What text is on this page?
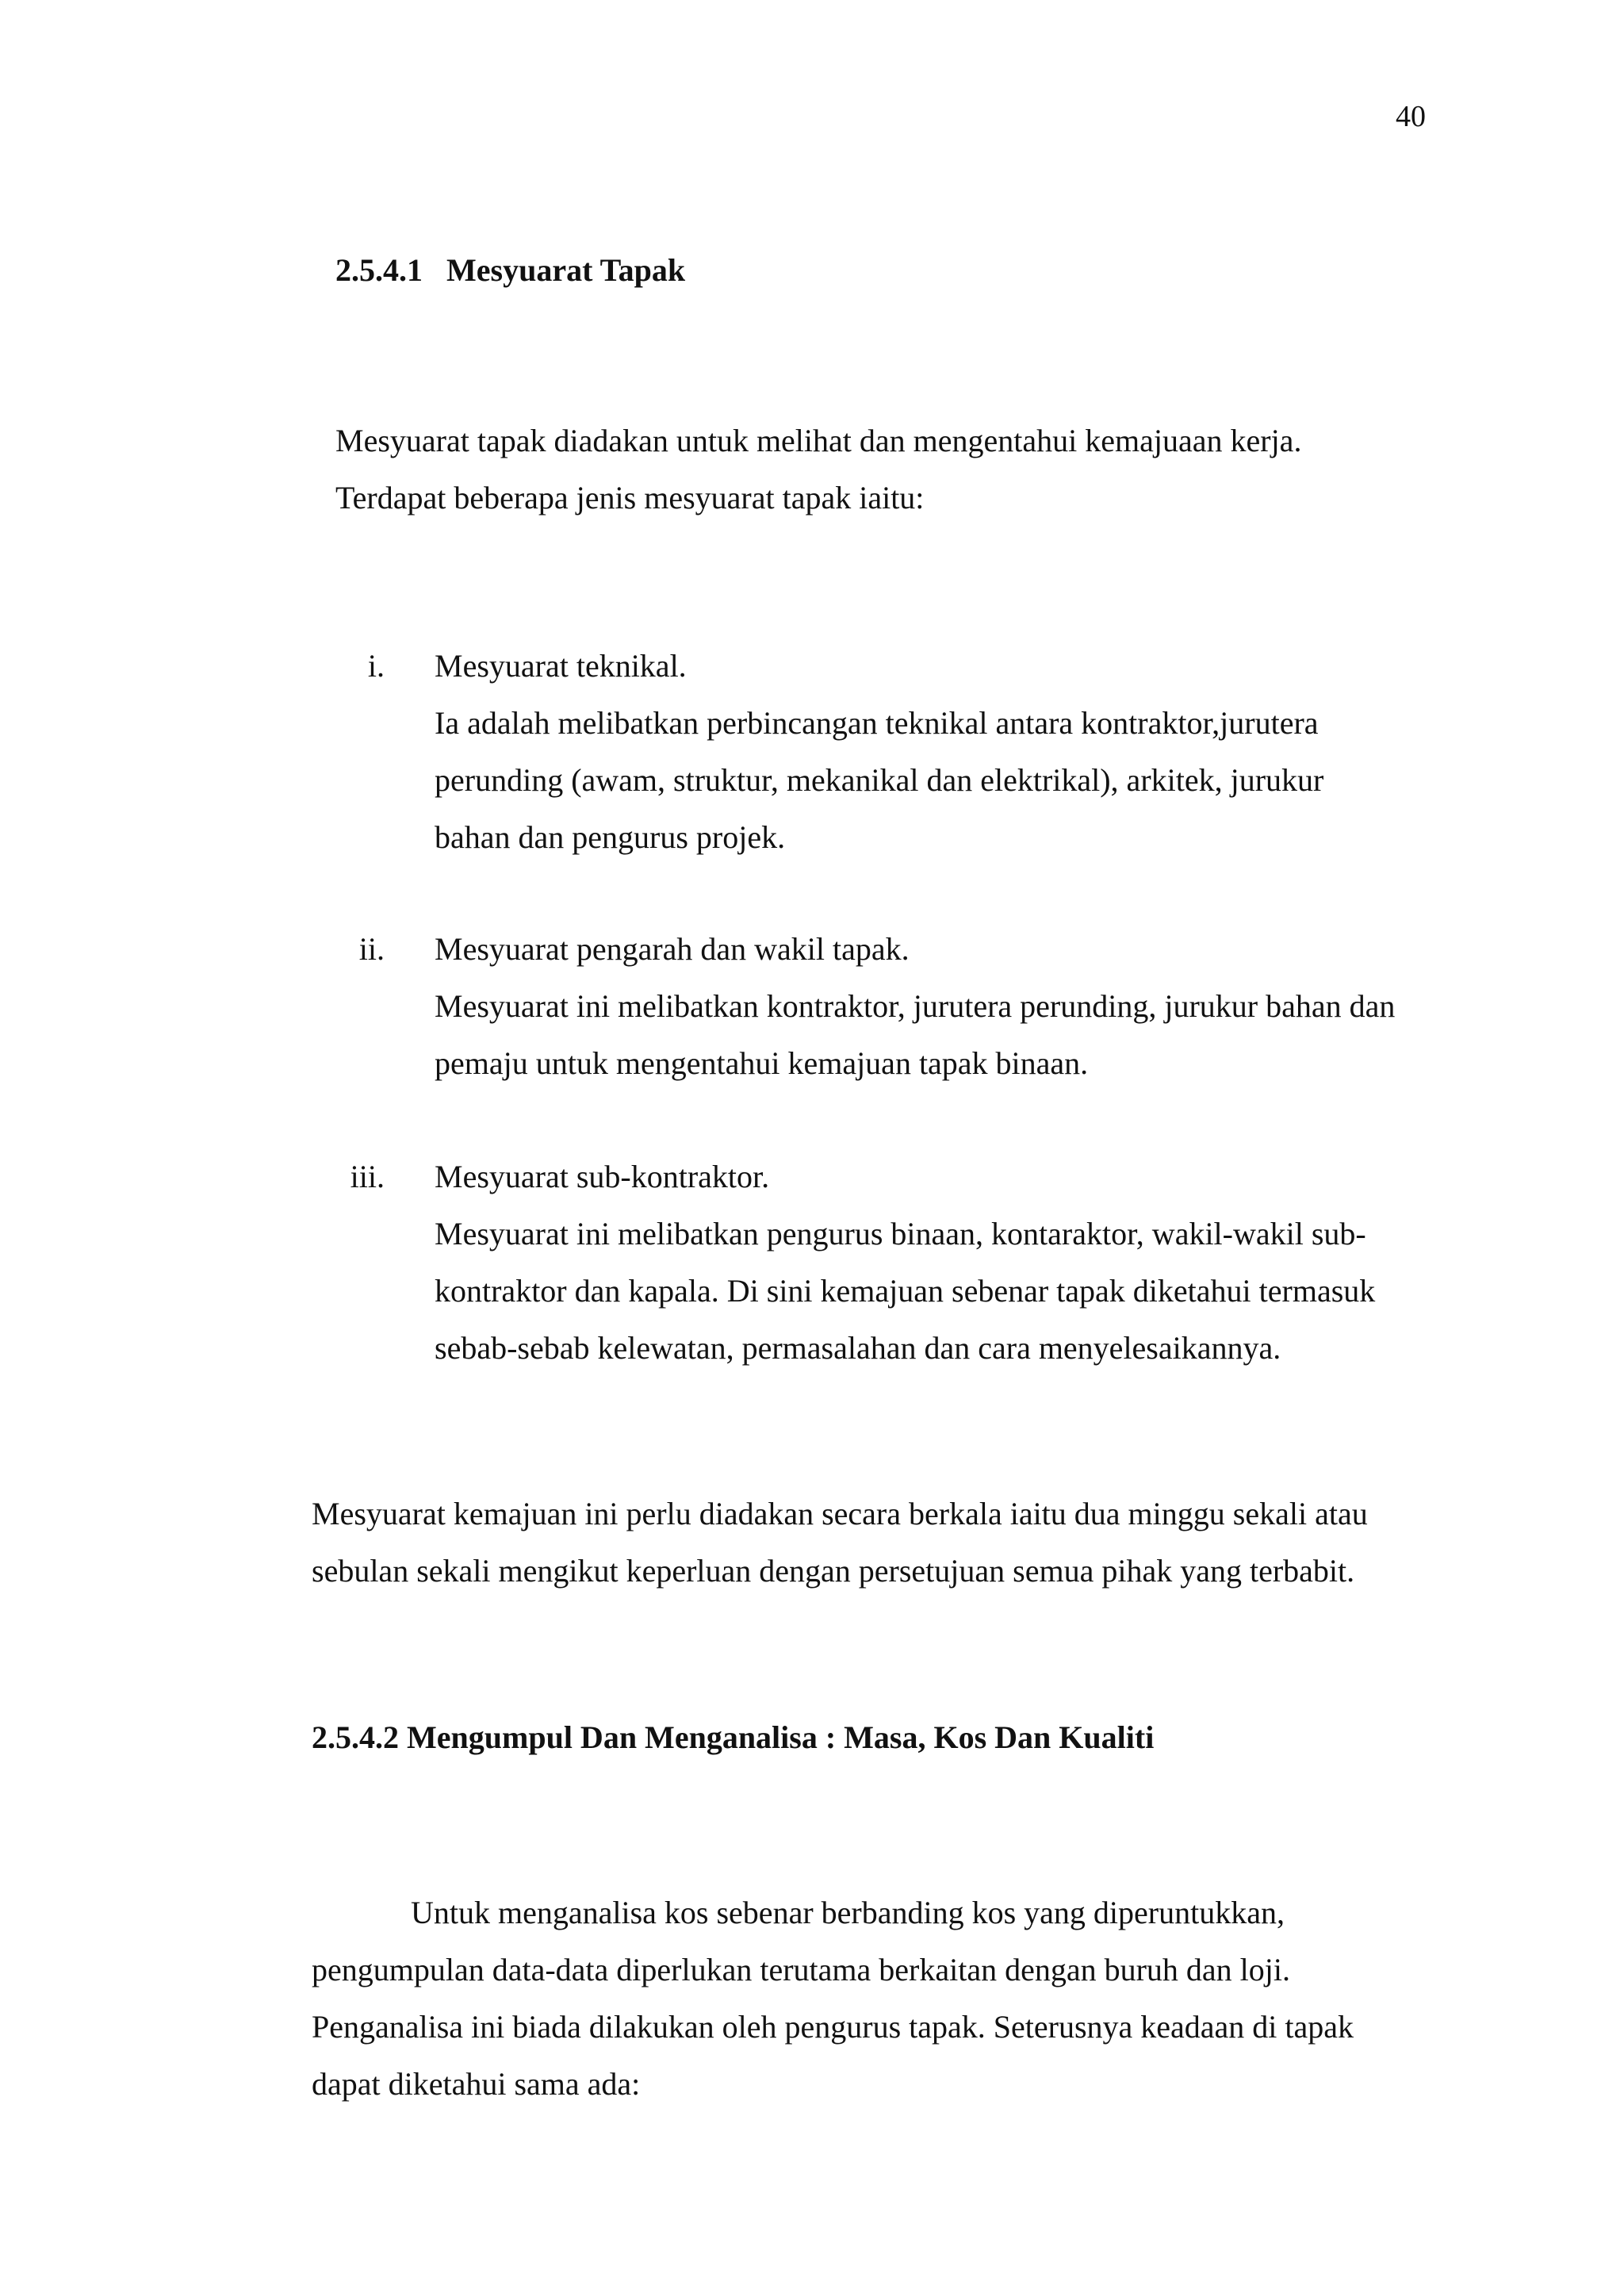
40
2.5.4.1 Mesyuarat Tapak
Mesyuarat tapak diadakan untuk melihat dan mengentahui kemajuaan kerja.
Terdapat beberapa jenis mesyuarat tapak iaitu:
i. Mesyuarat teknikal.
Ia adalah melibatkan perbincangan teknikal antara kontraktor,jurutera
perunding (awam, struktur, mekanikal dan elektrikal), arkitek, jurukur
bahan dan pengurus projek.
ii. Mesyuarat pengarah dan wakil tapak.
Mesyuarat ini melibatkan kontraktor, jurutera perunding, jurukur bahan dan
pemaju untuk mengentahui kemajuan tapak binaan.
iii. Mesyuarat sub-kontraktor.
Mesyuarat ini melibatkan pengurus binaan, kontaraktor, wakil-wakil sub-
kontraktor dan kapala. Di sini kemajuan sebenar tapak diketahui termasuk
sebab-sebab kelewatan, permasalahan dan cara menyelesaikannya.
Mesyuarat kemajuan ini perlu diadakan secara berkala iaitu dua minggu sekali atau
sebulan sekali mengikut keperluan dengan persetujuan semua pihak yang terbabit.
2.5.4.2 Mengumpul Dan Menganalisa : Masa, Kos Dan Kualiti
Untuk menganalisa kos sebenar berbanding kos yang diperuntukkan,
pengumpulan data-data diperlukan terutama berkaitan dengan buruh dan loji.
Penganalisa ini biada dilakukan oleh pengurus tapak. Seterusnya keadaan di tapak
dapat diketahui sama ada:
